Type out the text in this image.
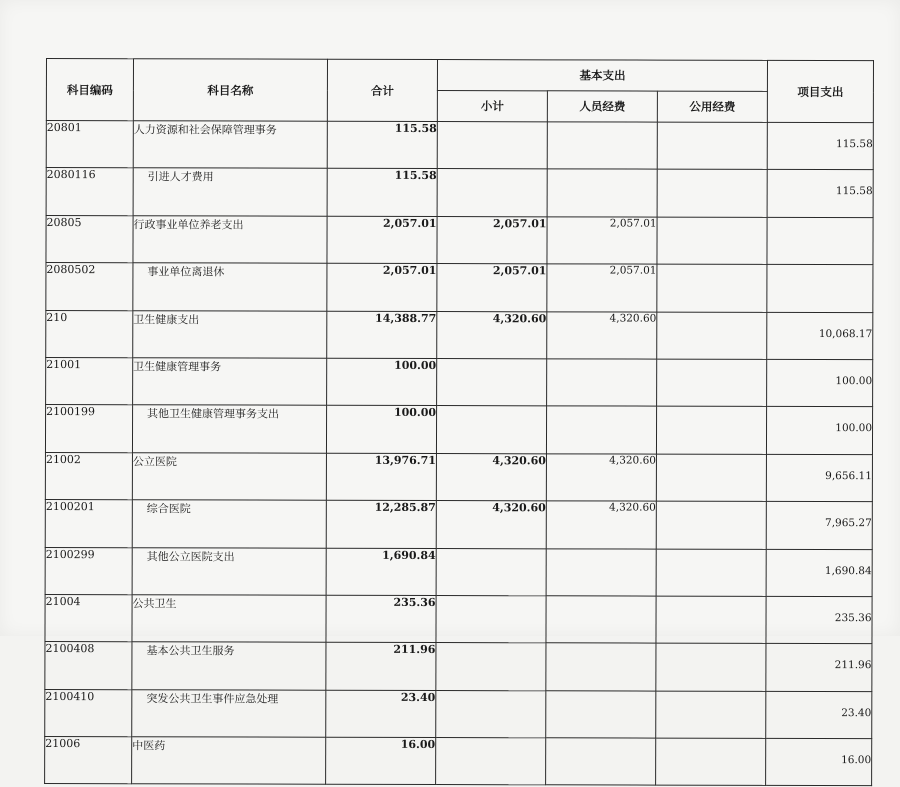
科目编码	科目名称	合计	基本支出			项目支出
			小计	人员经费	公用经费	
20801	人力资源和社会保障管理事务	115.58				115.58
2080116	引进人才费用	115.58				115.58
20805	行政事业单位养老支出	2,057.01	2,057.01	2,057.01		
2080502	事业单位离退休	2,057.01	2,057.01	2,057.01		
210	卫生健康支出	14,388.77	4,320.60	4,320.60		10,068.17
21001	卫生健康管理事务	100.00				100.00
2100199	其他卫生健康管理事务支出	100.00				100.00
21002	公立医院	13,976.71	4,320.60	4,320.60		9,656.11
2100201	综合医院	12,285.87	4,320.60	4,320.60		7,965.27
2100299	其他公立医院支出	1,690.84				1,690.84
21004	公共卫生	235.36				235.36
2100408	基本公共卫生服务	211.96				211.96
2100410	突发公共卫生事件应急处理	23.40				23.40
21006	中医药	16.00				16.00
